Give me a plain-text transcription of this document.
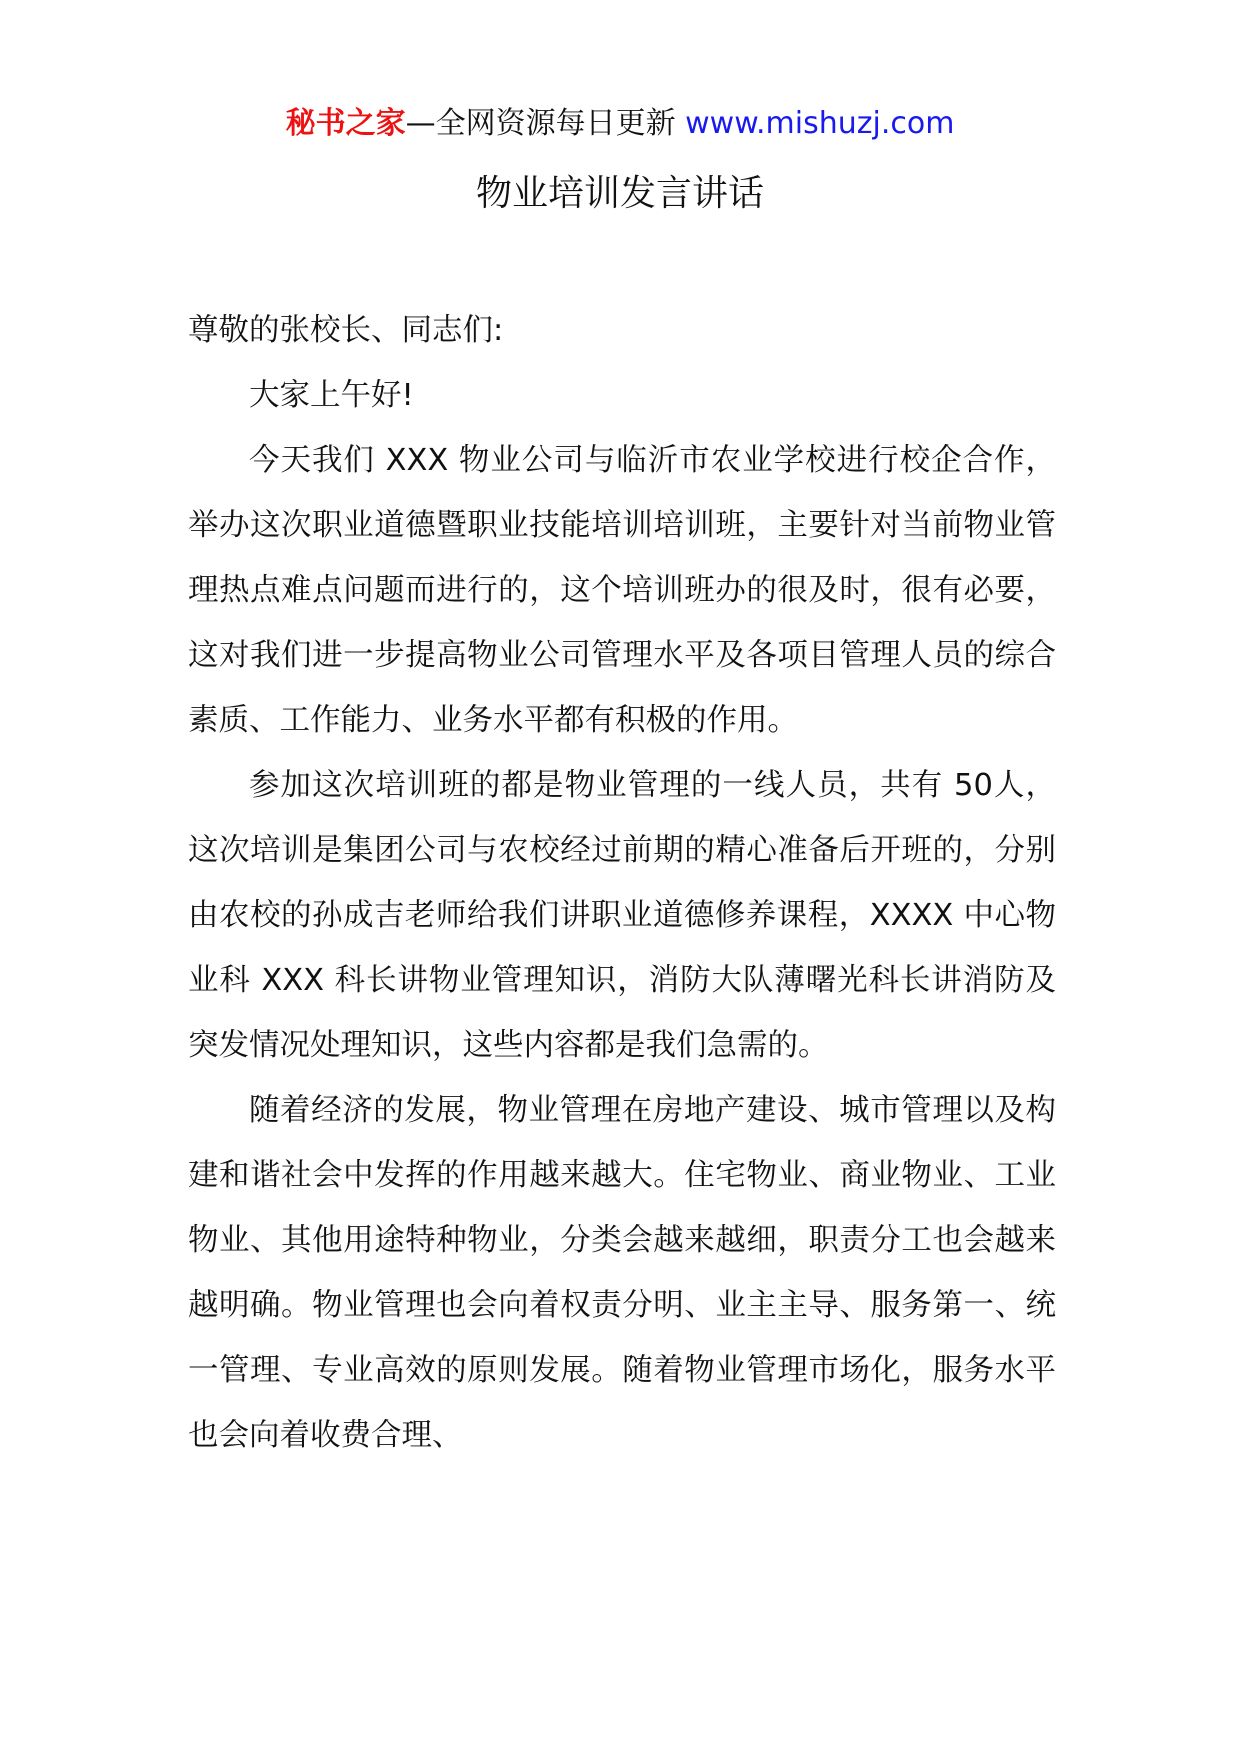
秘书之家—全网资源每日更新 www.mishuzj.com
物业培训发言讲话

尊敬的张校长、同志们:

大家上午好!

今天我们 XXX 物业公司与临沂市农业学校进行校企合作，举办这次职业道德暨职业技能培训培训班，主要针对当前物业管理热点难点问题而进行的，这个培训班办的很及时，很有必要，这对我们进一步提高物业公司管理水平及各项目管理人员的综合素质、工作能力、业务水平都有积极的作用。

参加这次培训班的都是物业管理的一线人员，共有 50人，这次培训是集团公司与农校经过前期的精心准备后开班的，分别由农校的孙成吉老师给我们讲职业道德修养课程，XXXX 中心物业科 XXX 科长讲物业管理知识，消防大队薄曙光科长讲消防及突发情况处理知识，这些内容都是我们急需的。

随着经济的发展，物业管理在房地产建设、城市管理以及构建和谐社会中发挥的作用越来越大。住宅物业、商业物业、工业物业、其他用途特种物业，分类会越来越细，职责分工也会越来越明确。物业管理也会向着权责分明、业主主导、服务第一、统一管理、专业高效的原则发展。随着物业管理市场化，服务水平也会向着收费合理、
